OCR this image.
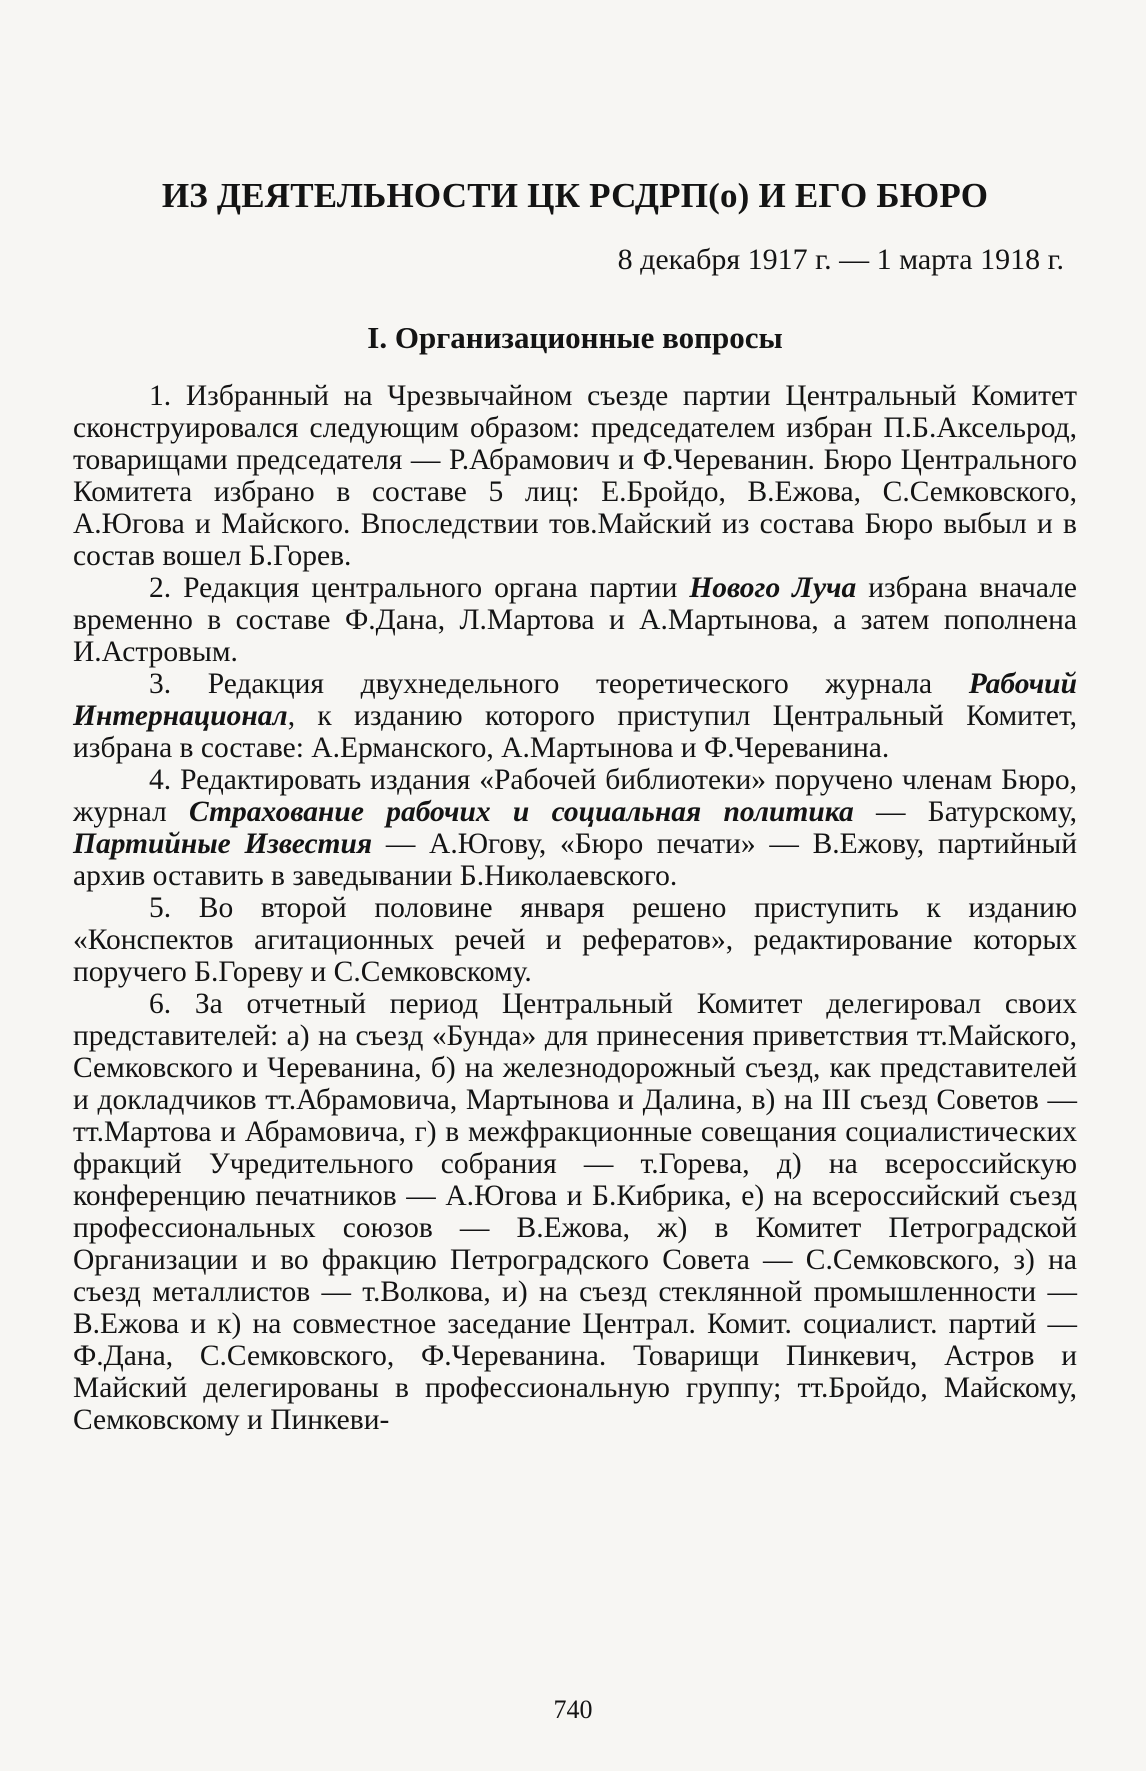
ИЗ ДЕЯТЕЛЬНОСТИ ЦК РСДРП(о) И ЕГО БЮРО
8 декабря 1917 г. — 1 марта 1918 г.
I. Организационные вопросы

1. Избранный на Чрезвычайном съезде партии Центральный Комитет сконструировался следующим образом: председателем избран П.Б.Аксельрод, товарищами председателя — Р.Абрамович и Ф.Череванин. Бюро Центрального Комитета избрано в составе 5 лиц: Е.Бройдо, В.Ежова, С.Семковского, А.Югова и Майского. Впоследствии тов.Майский из состава Бюро выбыл и в состав вошел Б.Горев.

2. Редакция центрального органа партии Нового Луча избрана вначале временно в составе Ф.Дана, Л.Мартова и А.Мартынова, а затем пополнена И.Астровым.

3. Редакция двухнедельного теоретического журнала Рабочий Интернационал, к изданию которого приступил Центральный Комитет, избрана в составе: А.Ерманского, А.Мартынова и Ф.Череванина.

4. Редактировать издания «Рабочей библиотеки» поручено членам Бюро, журнал Страхование рабочих и социальная политика — Батурскому, Партийные Известия — А.Югову, «Бюро печати» — В.Ежову, партийный архив оставить в заведывании Б.Николаевского.

5. Во второй половине января решено приступить к изданию «Конспектов агитационных речей и рефератов», редактирование которых поручего Б.Гореву и С.Семковскому.

6. За отчетный период Центральный Комитет делегировал своих представителей: а) на съезд «Бунда» для принесения приветствия тт.Майского, Семковского и Череванина, б) на железнодорожный съезд, как представителей и докладчиков тт.Абрамовича, Мартынова и Далина, в) на III съезд Советов — тт.Мартова и Абрамовича, г) в межфракционные совещания социалистических фракций Учредительного собрания — т.Горева, д) на всероссийскую конференцию печатников — А.Югова и Б.Кибрика, е) на всероссийский съезд профессиональных союзов — В.Ежова, ж) в Комитет Петроградской Организации и во фракцию Петроградского Совета — С.Семковского, з) на съезд металлистов — т.Волкова, и) на съезд стеклянной промышленности — В.Ежова и к) на совместное заседание Централ. Комит. социалист. партий — Ф.Дана, С.Семковского, Ф.Череванина. Товарищи Пинкевич, Астров и Майский делегированы в профессиональную группу; тт.Бройдо, Майскому, Семковскому и Пинкеви-

740
